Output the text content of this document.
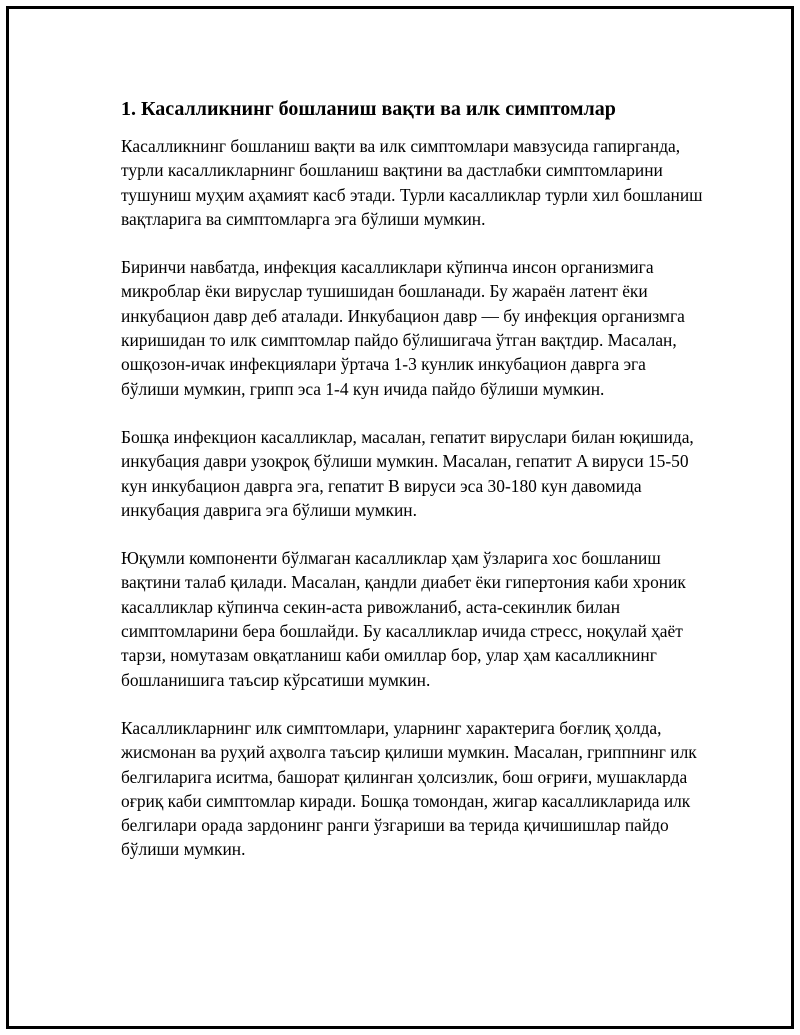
1. Касалликнинг бошланиш вақти ва илк симптомлар

Касалликнинг бошланиш вақти ва илк симптомлари мавзусида гапирганда, турли касалликларнинг бошланиш вақтини ва дастлабки симптомларини тушуниш муҳим аҳамият касб этади. Турли касалликлар турли хил бошланиш вақтларига ва симптомларга эга бўлиши мумкин.

Биринчи навбатда, инфекция касалликлари кўпинча инсон организмига микроблар ёки вируслар тушишидан бошланади. Бу жараён латент ёки инкубацион давр деб аталади. Инкубацион давр — бу инфекция организмга киришидан то илк симптомлар пайдо бўлишигача ўтган вақтдир. Масалан, ошқозон-ичак инфекциялари ўртача 1-3 кунлик инкубацион даврга эга бўлиши мумкин, грипп эса 1-4 кун ичида пайдо бўлиши мумкин.

Бошқа инфекцион касалликлар, масалан, гепатит вируслари билан юқишида, инкубация даври узоқроқ бўлиши мумкин. Масалан, гепатит A вируси 15-50 кун инкубацион даврга эга, гепатит B вируси эса 30-180 кун давомида инкубация даврига эга бўлиши мумкин.

Юқумли компоненти бўлмаган касалликлар ҳам ўзларига хос бошланиш вақтини талаб қилади. Масалан, қандли диабет ёки гипертония каби хроник касалликлар кўпинча секин-аста ривожланиб, аста-секинлик билан симптомларини бера бошлайди. Бу касалликлар ичида стресс, ноқулай ҳаёт тарзи, номутазам овқатланиш каби омиллар бор, улар ҳам касалликнинг бошланишига таъсир кўрсатиши мумкин.

Касалликларнинг илк симптомлари, уларнинг характерига боғлиқ ҳолда, жисмонан ва руҳий аҳволга таъсир қилиши мумкин. Масалан, гриппнинг илк белгиларига иситма, башорат қилинган ҳолсизлик, бош оғриғи, мушакларда оғриқ каби симптомлар киради. Бошқа томондан, жигар касалликларида илк белгилари орада зардонинг ранги ўзгариши ва терида қичишишлар пайдо бўлиши мумкин.
